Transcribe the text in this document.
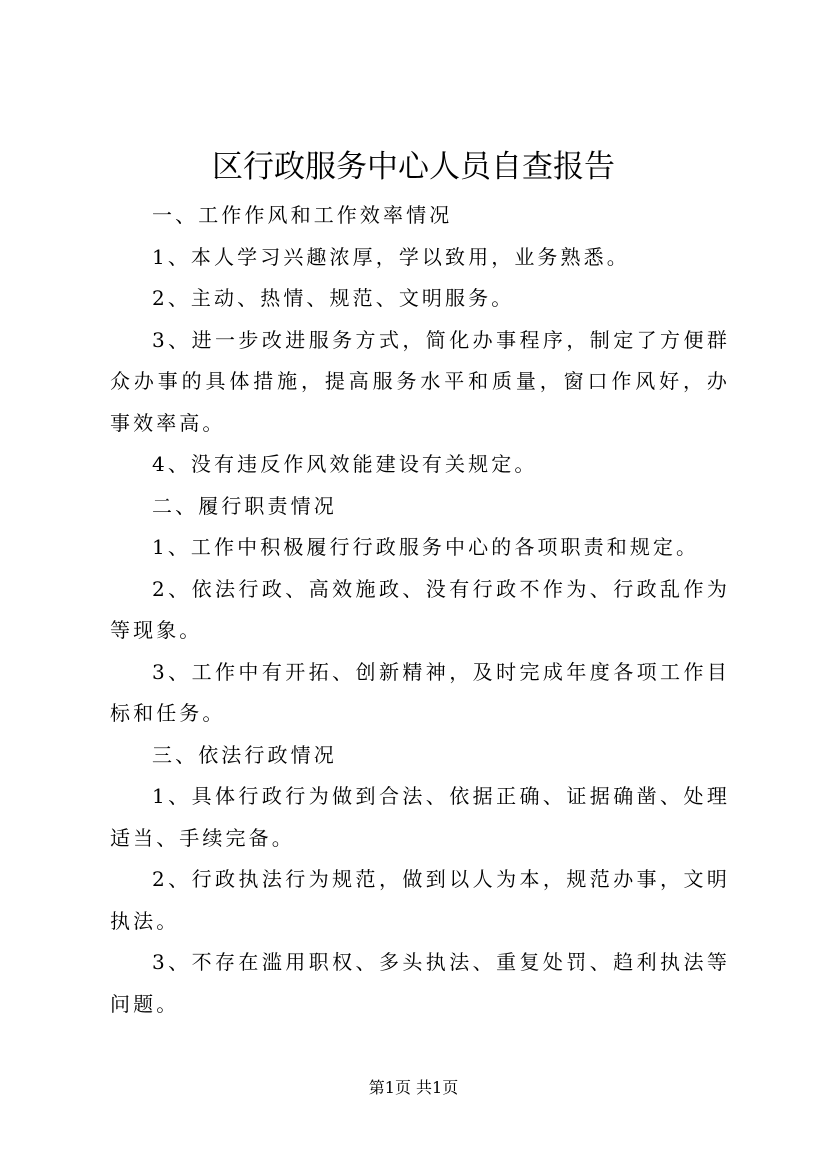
区行政服务中心人员自查报告

一、工作作风和工作效率情况

1、本人学习兴趣浓厚，学以致用，业务熟悉。

2、主动、热情、规范、文明服务。

3、进一步改进服务方式，简化办事程序，制定了方便群众办事的具体措施，提高服务水平和质量，窗口作风好，办事效率高。

4、没有违反作风效能建设有关规定。

二、履行职责情况

1、工作中积极履行行政服务中心的各项职责和规定。

2、依法行政、高效施政、没有行政不作为、行政乱作为等现象。

3、工作中有开拓、创新精神，及时完成年度各项工作目标和任务。

三、依法行政情况

1、具体行政行为做到合法、依据正确、证据确凿、处理适当、手续完备。

2、行政执法行为规范，做到以人为本，规范办事，文明执法。

3、不存在滥用职权、多头执法、重复处罚、趋利执法等问题。

第1页 共1页
